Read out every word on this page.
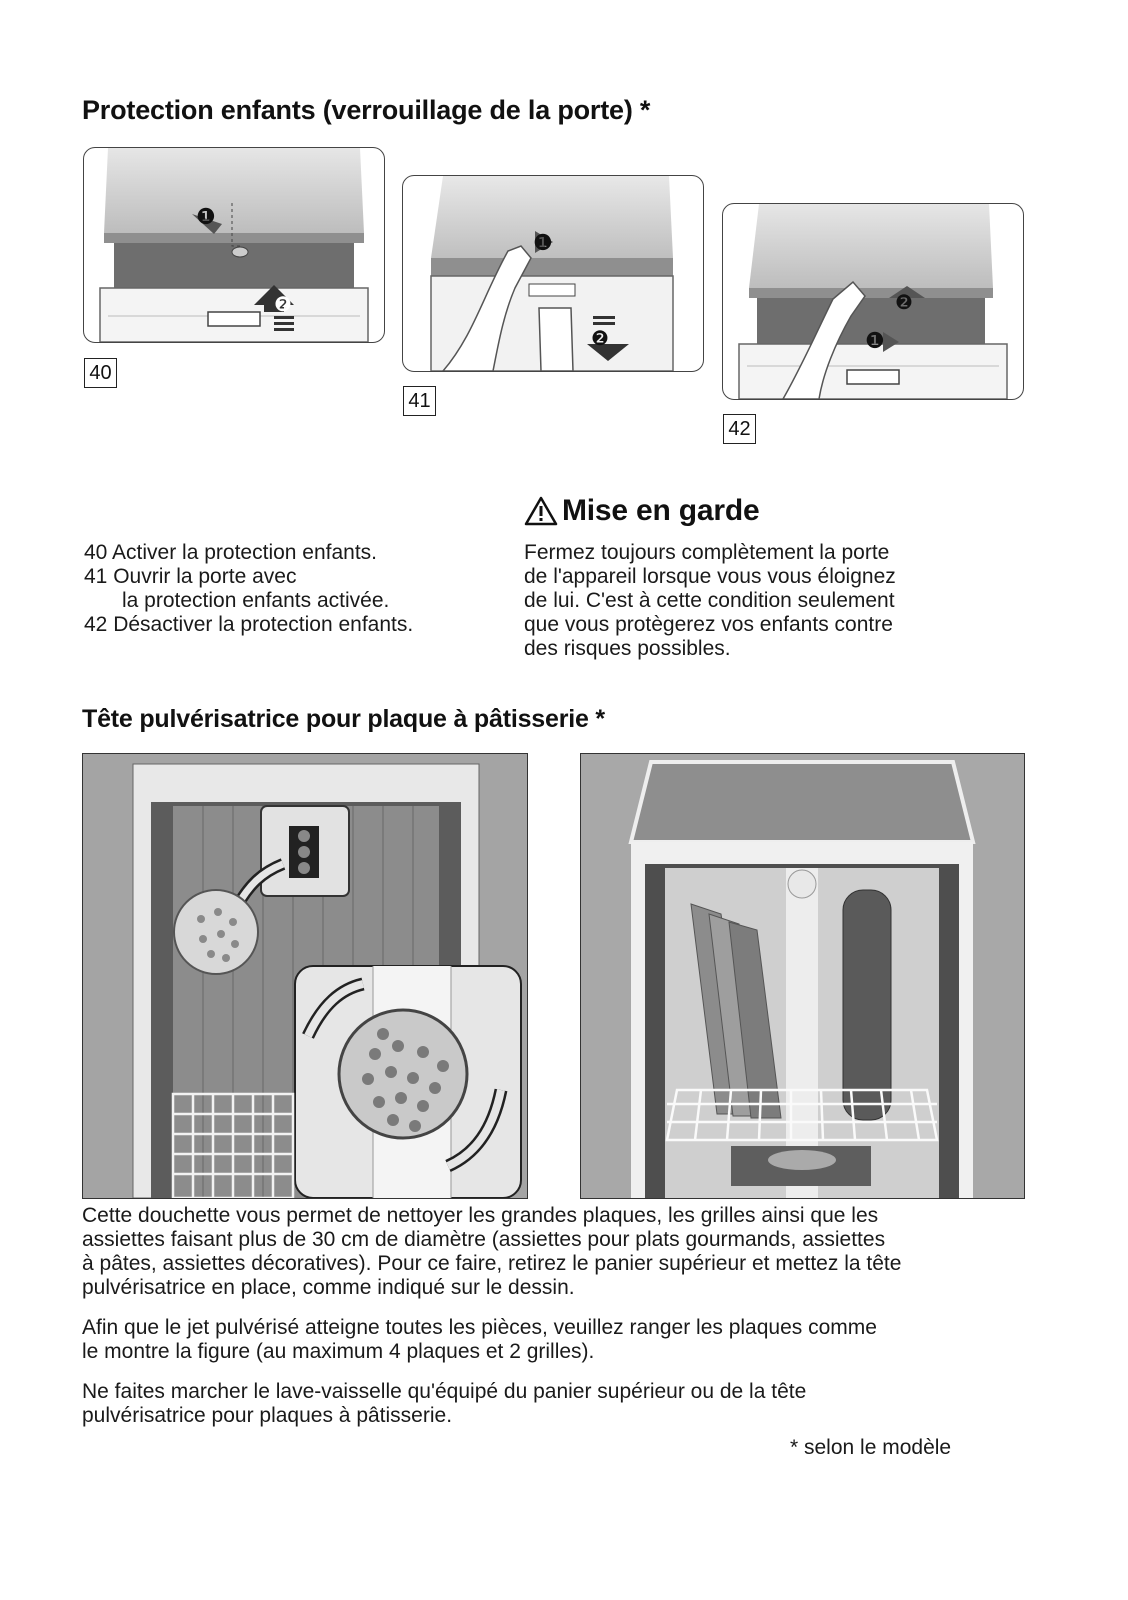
Protection enfants (verrouillage de la porte) *
❶
❷
40
❶
❷
41
❷
❶
42
40 Activer la protection enfants.
41 Ouvrir la porte avec
la protection enfants activée.
42 Désactiver la protection enfants.
Mise en garde
Fermez toujours complètement la porte
de l'appareil lorsque vous vous éloignez
de lui. C'est à cette condition seulement
que vous protègerez vos enfants contre
des risques possibles.
Tête pulvérisatrice pour plaque à pâtisserie *

Cette douchette vous permet de nettoyer les grandes plaques, les grilles ainsi que les
assiettes faisant plus de 30 cm de diamètre (assiettes pour plats gourmands, assiettes
à pâtes, assiettes décoratives). Pour ce faire, retirez le panier supérieur et mettez la tête
pulvérisatrice en place, comme indiqué sur le dessin.

Afin que le jet pulvérisé atteigne toutes les pièces, veuillez ranger les plaques comme
le montre la figure (au maximum 4 plaques et 2 grilles).

Ne faites marcher le lave-vaisselle qu'équipé du panier supérieur ou de la tête
pulvérisatrice pour plaques à pâtisserie.

* selon le modèle
